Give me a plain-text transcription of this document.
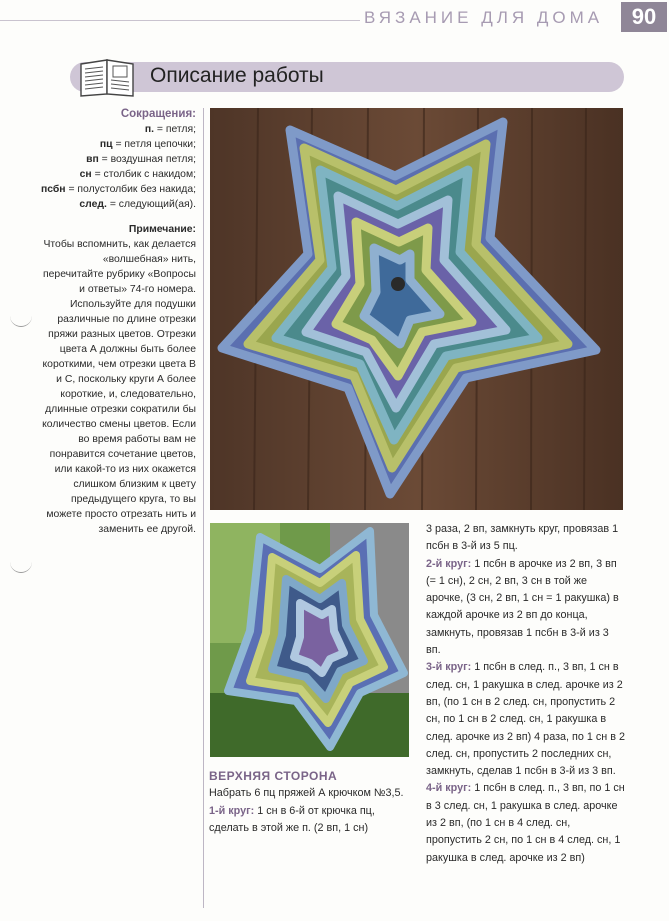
ВЯЗАНИЕ ДЛЯ ДОМА	90
Описание работы
Сокращения:
п. = петля;
пц = петля цепочки;
вп = воздушная петля;
сн = столбик с накидом;
псбн = полустолбик без накида;
след. = следующий(ая).
Примечание:

Чтобы вспомнить, как делается «волшебная» нить, перечитайте рубрику «Вопросы и ответы» 74-го номера. Используйте для подушки различные по длине отрезки пряжи разных цветов. Отрезки цвета А должны быть более короткими, чем отрезки цвета В и С, поскольку круги А более короткие, и, следовательно, длинные отрезки сократили бы количество смены цветов. Если во время работы вам не понравится сочетание цветов, или какой-то из них окажется слишком близким к цвету предыдущего круга, то вы можете просто отрезать нить и заменить ее другой.	3 раза, 2 вп, замкнуть круг, провязав 1 псбн в 3-й из 5 пц.
2-й круг: 1 псбн в арочке из 2 вп, 3 вп (= 1 сн), 2 сн, 2 вп, 3 сн в той же арочке, (3 сн, 2 вп, 1 сн = 1 ракушка) в каждой арочке из 2 вп до конца, замкнуть, провязав 1 псбн в 3-й из 3 вп.
3-й круг: 1 псбн в след. п., 3 вп, 1 сн в след. сн, 1 ракушка в след. арочке из 2 вп, (по 1 сн в 2 след. сн, пропустить 2 сн, по 1 сн в 2 след. сн, 1 ракушка в след. арочке из 2 вп) 4 раза, по 1 сн в 2 след. сн, пропустить 2 последних сн, замкнуть, сделав 1 псбн в 3-й из 3 вп.
4-й круг: 1 псбн в след. п., 3 вп, по 1 сн в 3 след. сн, 1 ракушка в след. арочке из 2 вп, (по 1 сн в 4 след. сн, пропустить 2 сн, по 1 сн в 4 след. сн, 1 ракушка в след. арочке из 2 вп)
ВЕРХНЯЯ СТОРОНА
Набрать 6 пц пряжей А крючком №3,5.
1-й круг: 1 сн в 6-й от крючка пц, сделать в этой же п. (2 вп, 1 сн)
